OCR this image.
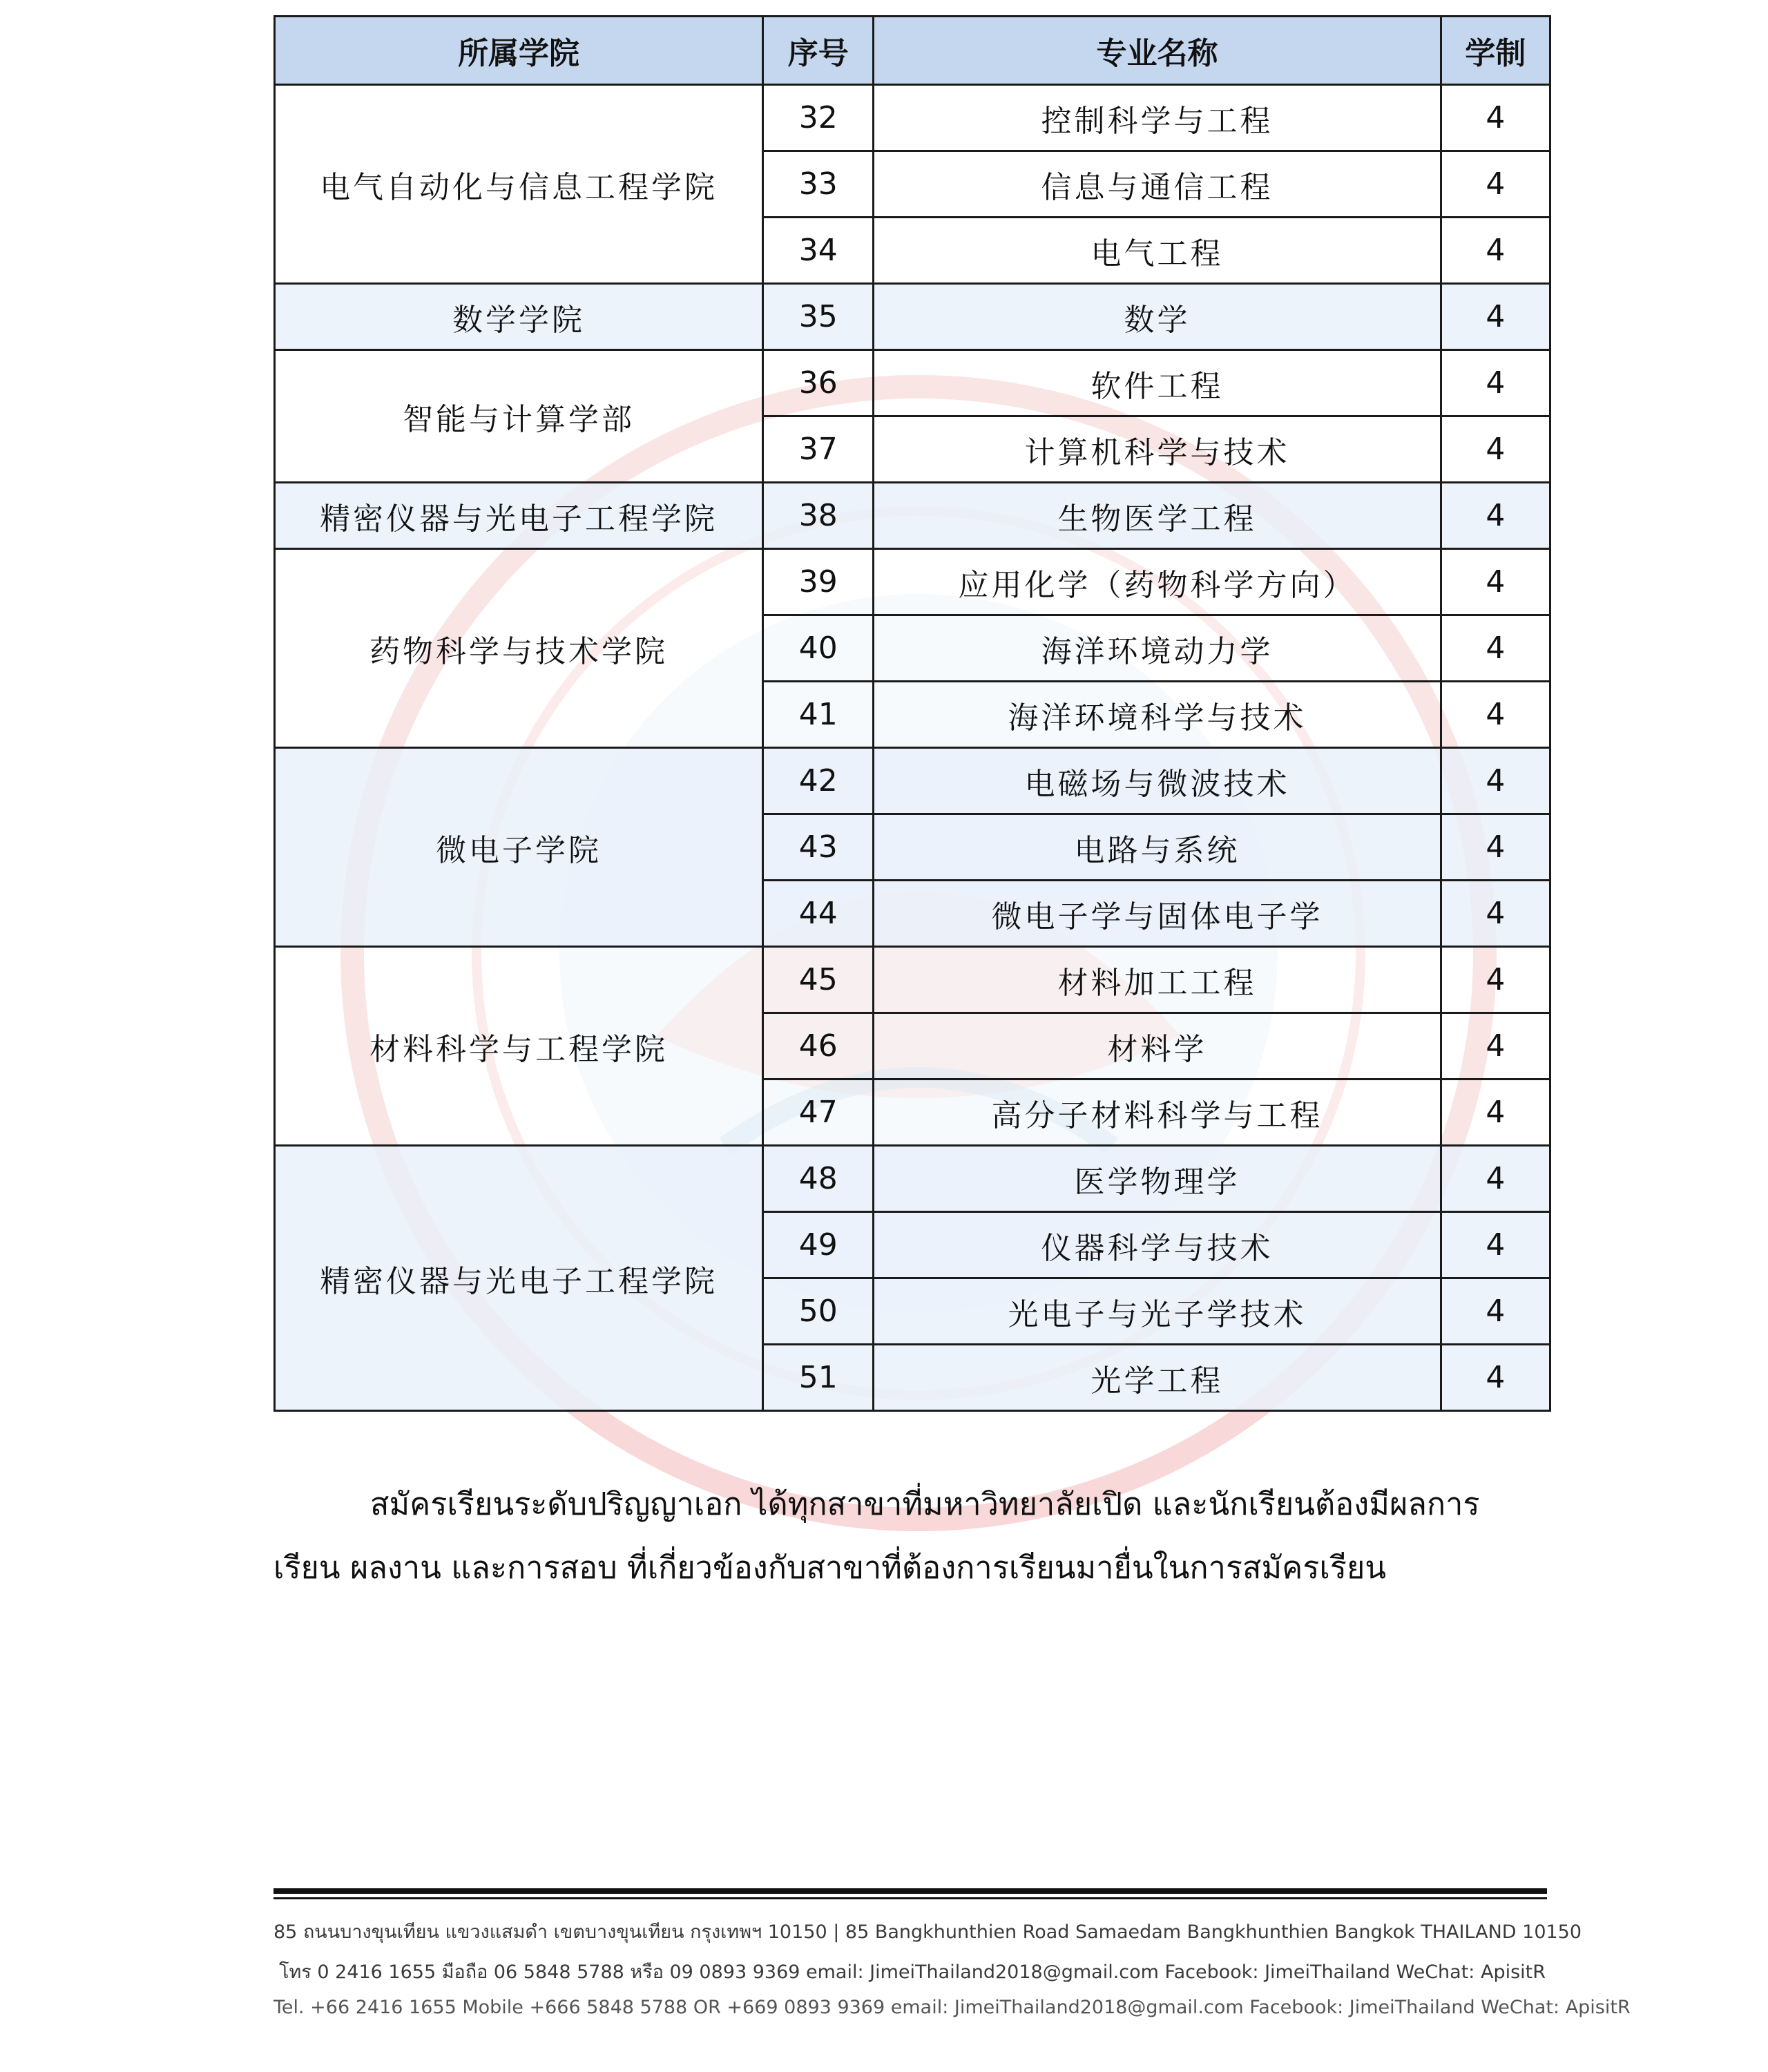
所属学院	序号	专业名称	学制
电气自动化与信息工程学院	32	控制科学与工程	4
	33	信息与通信工程	4
	34	电气工程	4
数学学院	35	数学	4
智能与计算学部	36	软件工程	4
	37	计算机科学与技术	4
精密仪器与光电子工程学院	38	生物医学工程	4
药物科学与技术学院	39	应用化学（药物科学方向）	4
	40	海洋环境动力学	4
	41	海洋环境科学与技术	4
微电子学院	42	电磁场与微波技术	4
	43	电路与系统	4
	44	微电子学与固体电子学	4
材料科学与工程学院	45	材料加工工程	4
	46	材料学	4
	47	高分子材料科学与工程	4
精密仪器与光电子工程学院	48	医学物理学	4
	49	仪器科学与技术	4
	50	光电子与光子学技术	4
	51	光学工程	4
สมัครเรียนระดับปริญญาเอก ได้ทุกสาขาที่มหาวิทยาลัยเปิด และนักเรียนต้องมีผลการ
เรียน ผลงาน และการสอบ ที่เกี่ยวข้องกับสาขาที่ต้องการเรียนมายื่นในการสมัครเรียน
85 ถนนบางขุนเทียน แขวงแสมดำ เขตบางขุนเทียน กรุงเทพฯ 10150 | 85 Bangkhunthien Road Samaedam Bangkhunthien Bangkok THAILAND 10150
โทร 0 2416 1655 มือถือ 06 5848 5788 หรือ 09 0893 9369 email: JimeiThailand2018@gmail.com Facebook: JimeiThailand WeChat: ApisitR
Tel. +66 2416 1655 Mobile +666 5848 5788 OR +669 0893 9369 email: JimeiThailand2018@gmail.com Facebook: JimeiThailand WeChat: ApisitR
